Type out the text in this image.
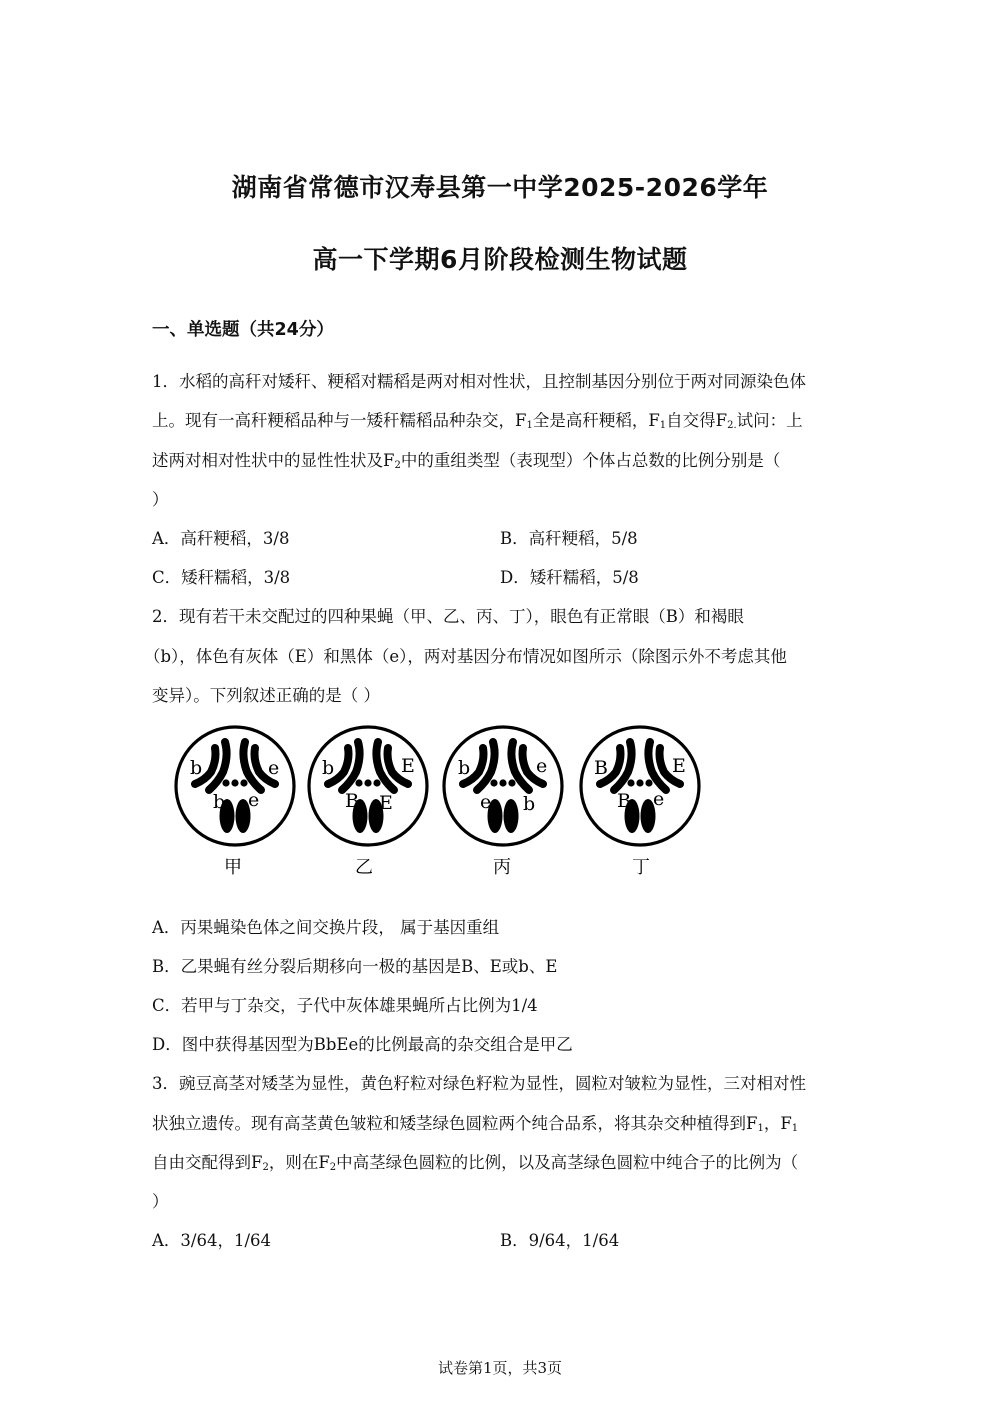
湖南省常德市汉寿县第一中学2025-2026学年
高一下学期6月阶段检测生物试题
一、单选题（共24分）
1．水稻的高秆对矮秆、粳稻对糯稻是两对相对性状，且控制基因分别位于两对同源染色体
上。现有一高秆粳稻品种与一矮秆糯稻品种杂交，$F_1$全是高秆粳稻，$F_1$自交得$F_{2.}$试问：上
述两对相对性状中的显性性状及$F_2$中的重组类型（表现型）个体占总数的比例分别是（
）
A．高秆粳稻，3/8	B．高秆粳稻，5/8
C．矮秆糯稻，3/8	D．矮秆糯稻，5/8
2．现有若干未交配过的四种果蝇（甲、乙、丙、丁），眼色有正常眼（B）和褐眼
（b），体色有灰体（E）和黑体（e），两对基因分布情况如图所示（除图示外不考虑其他
变异）。下列叙述正确的是（ ）
b	e
b e
b	E
B E
b	e
e b
B	E
B e
甲	乙	丙	丁
A．丙果蝇染色体之间交换片段， 属于基因重组
B．乙果蝇有丝分裂后期移向一极的基因是B、E或b、E
C．若甲与丁杂交，子代中灰体雄果蝇所占比例为1/4
D．图中获得基因型为BbEe的比例最高的杂交组合是甲乙
3．豌豆高茎对矮茎为显性，黄色籽粒对绿色籽粒为显性，圆粒对皱粒为显性，三对相对性
状独立遗传。现有高茎黄色皱粒和矮茎绿色圆粒两个纯合品系，将其杂交种植得到$F_1$，$F_1$
自由交配得到$F_2$，则在$F_2$中高茎绿色圆粒的比例，以及高茎绿色圆粒中纯合子的比例为（
）
A．3/64，1/64	B．9/64，1/64
试卷第1页，共3页
